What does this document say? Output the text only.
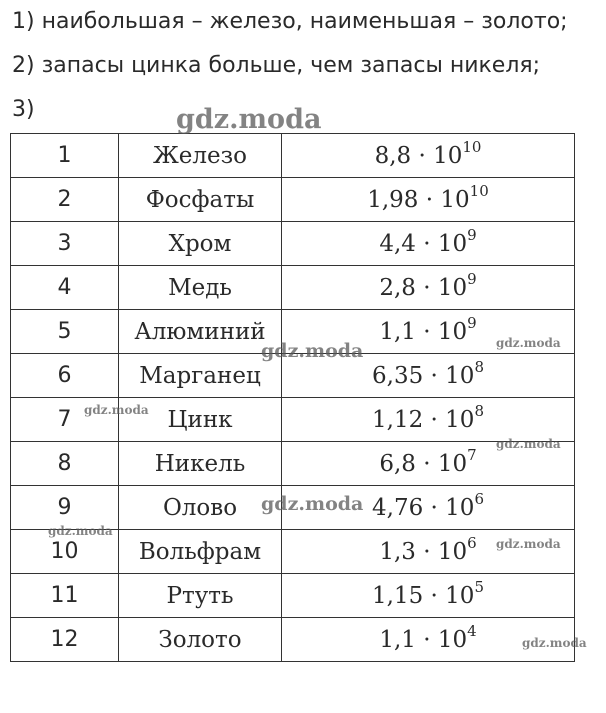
1) наибольшая – железо, наименьшая – золото;
2) запасы цинка больше, чем запасы никеля;
3)
1	Железо	$8,8 \cdot 10^{10}$
2	Фосфаты	$1,98 \cdot 10^{10}$
3	Хром	$4,4 \cdot 10^9$
4	Медь	$2,8 \cdot 10^9$
5	Алюминий	$1,1 \cdot 10^9$
6	Марганец	$6,35 \cdot 10^8$
7	Цинк	$1,12 \cdot 10^8$
8	Никель	$6,8 \cdot 10^7$
9	Олово	$4,76 \cdot 10^6$
10	Вольфрам	$1,3 \cdot 10^6$
11	Ртуть	$1,15 \cdot 10^5$
12	Золото	$1,1 \cdot 10^4$
gdz.moda
gdz.moda
gdz.moda
gdz.moda
gdz.moda
gdz.moda
gdz.moda
gdz.moda
gdz.moda
